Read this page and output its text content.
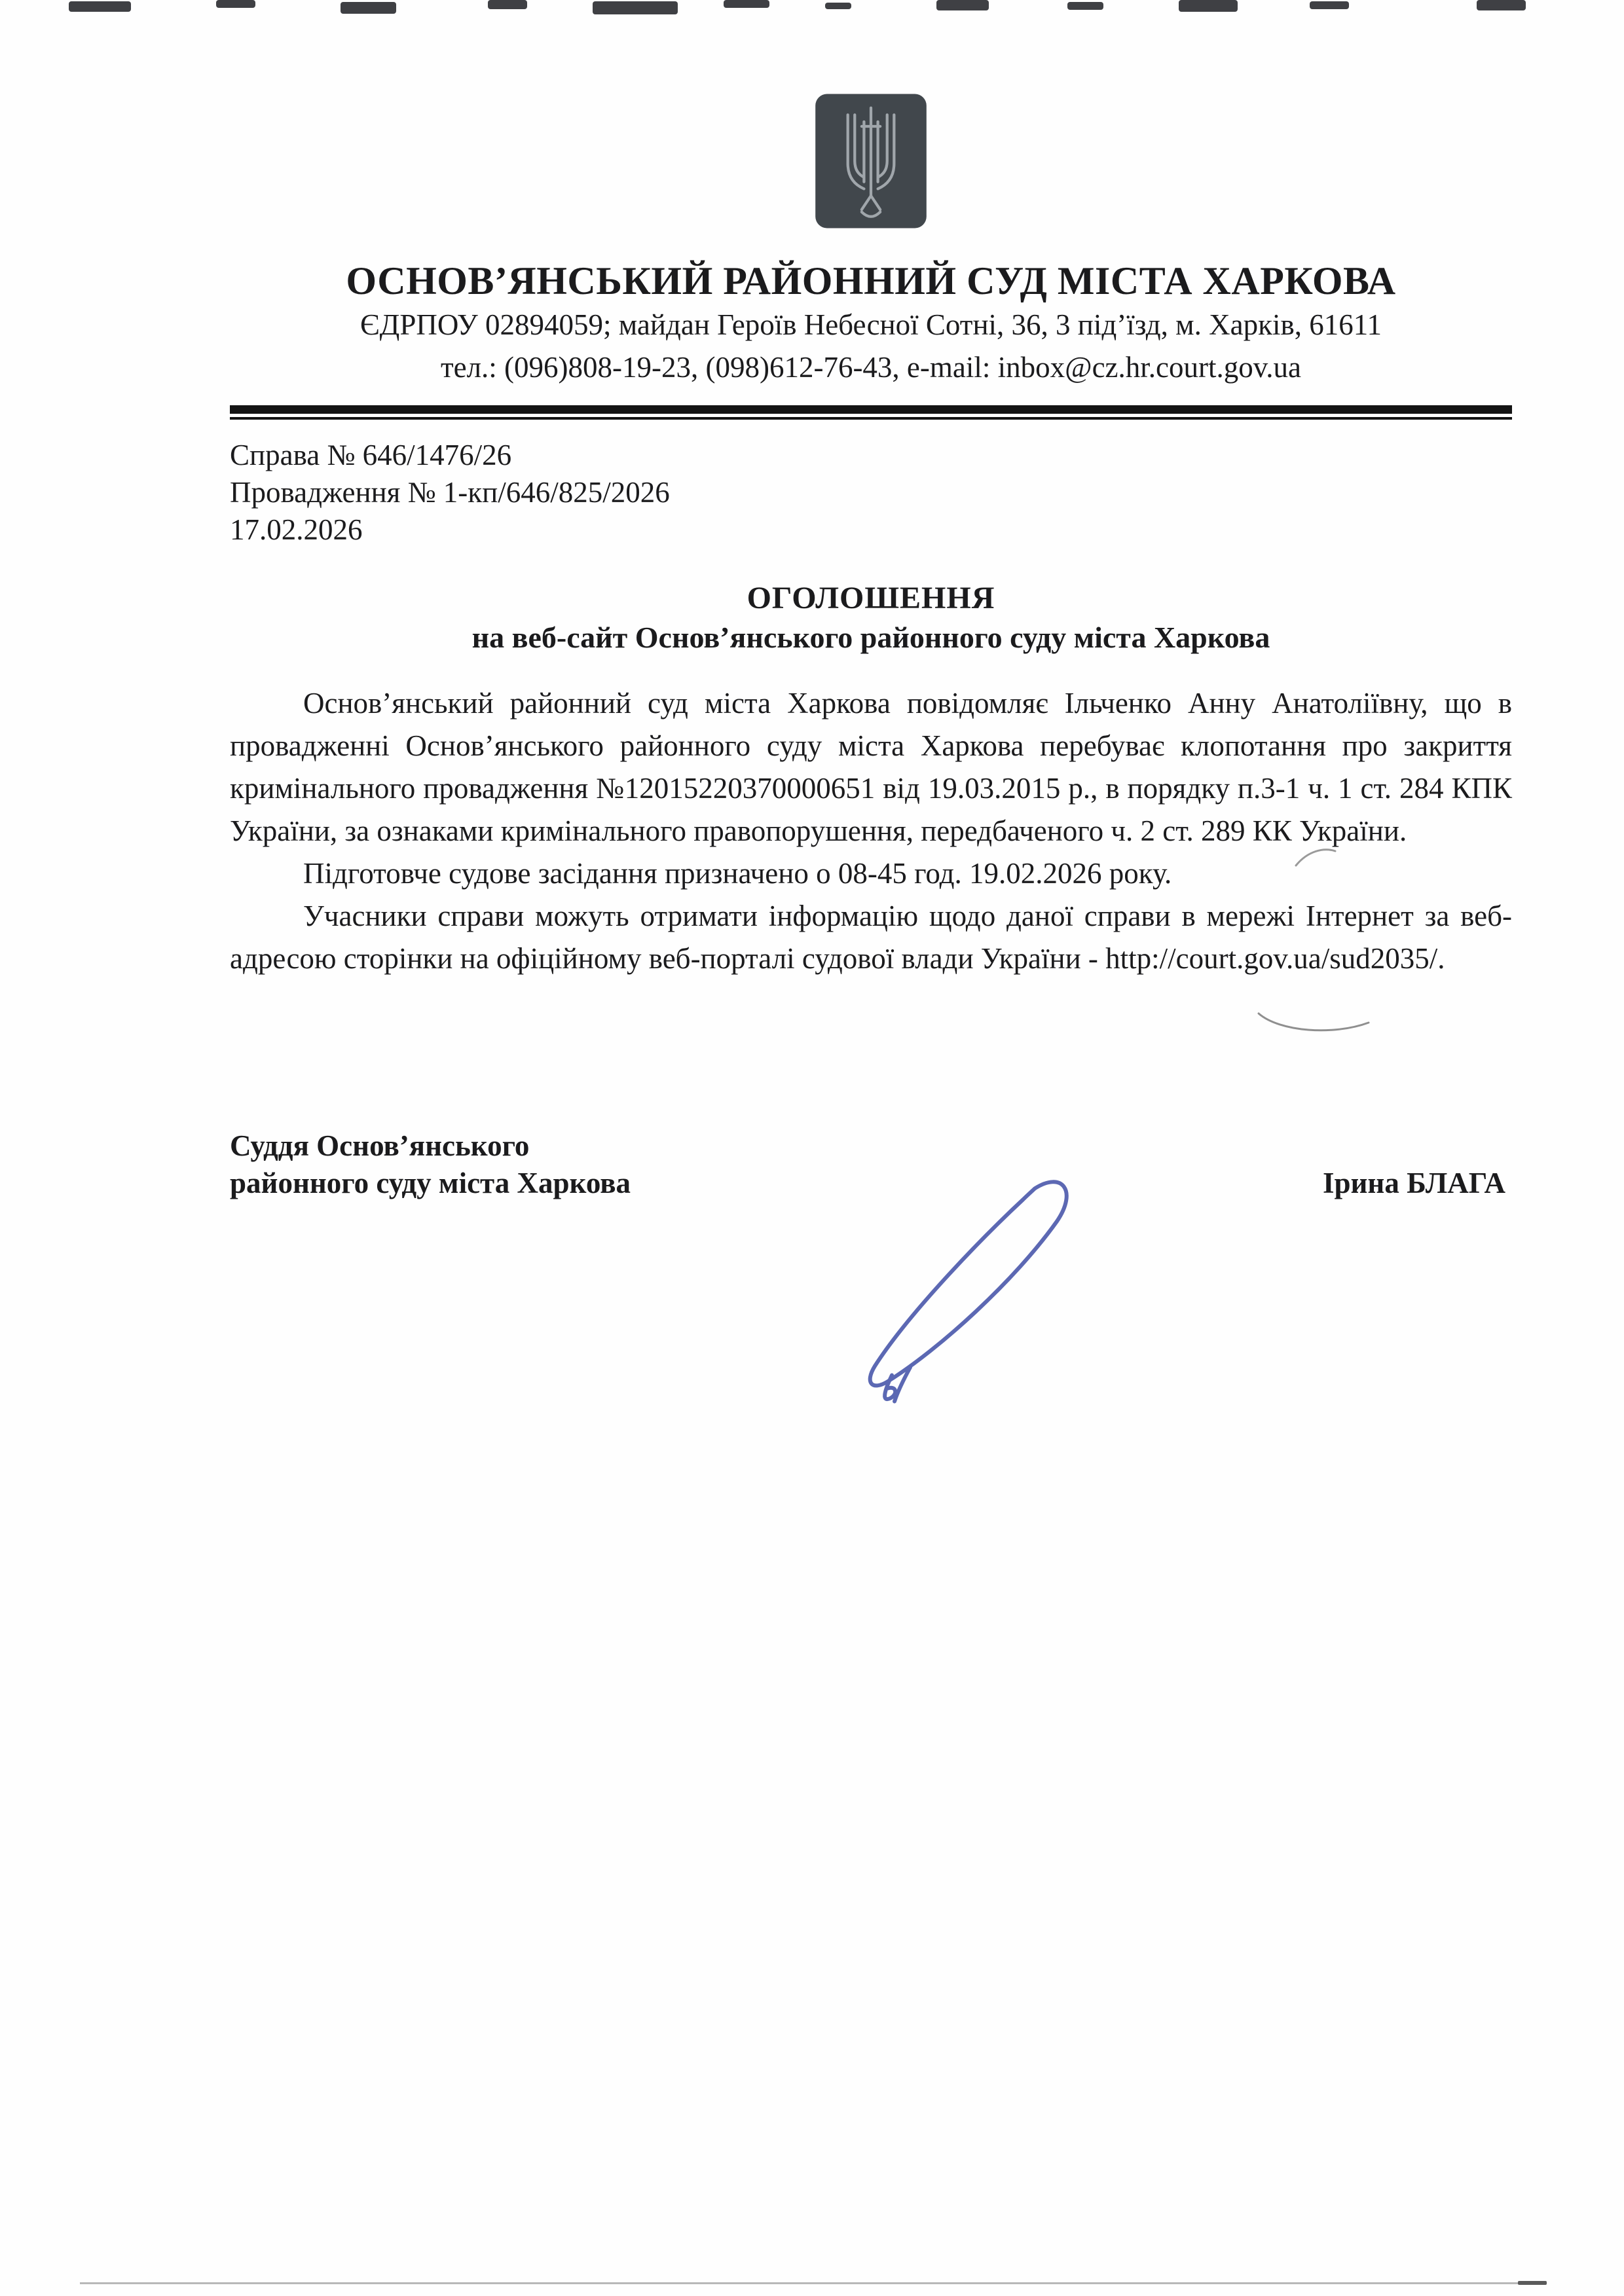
ОСНОВ’ЯНСЬКИЙ РАЙОННИЙ СУД МІСТА ХАРКОВА
ЄДРПОУ 02894059; майдан Героїв Небесної Сотні, 36, 3 під’їзд, м. Харків, 61611
тел.: (096)808-19-23, (098)612-76-43, e-mail: inbox@cz.hr.court.gov.ua
Справа № 646/1476/26
Провадження № 1-кп/646/825/2026
17.02.2026
ОГОЛОШЕННЯ
на веб-сайт Основ’янського районного суду міста Харкова

Основ’янський районний суд міста Харкова повідомляє Ільченко Анну Анатоліївну, що в провадженні Основ’янського районного суду міста Харкова перебуває клопотання про закриття кримінального провадження №12015220370000651 від 19.03.2015 р., в порядку п.3-1 ч. 1 ст. 284 КПК України, за ознаками кримінального правопорушення, передбаченого ч. 2 ст. 289 КК України.

Підготовче судове засідання призначено о 08-45 год. 19.02.2026 року.

Учасники справи можуть отримати інформацію щодо даної справи в мережі Інтернет за веб-адресою сторінки на офіційному веб-порталі судової влади України - http://court.gov.ua/sud2035/.

Суддя Основ’янського
районного суду міста Харкова	Ірина БЛАГА
